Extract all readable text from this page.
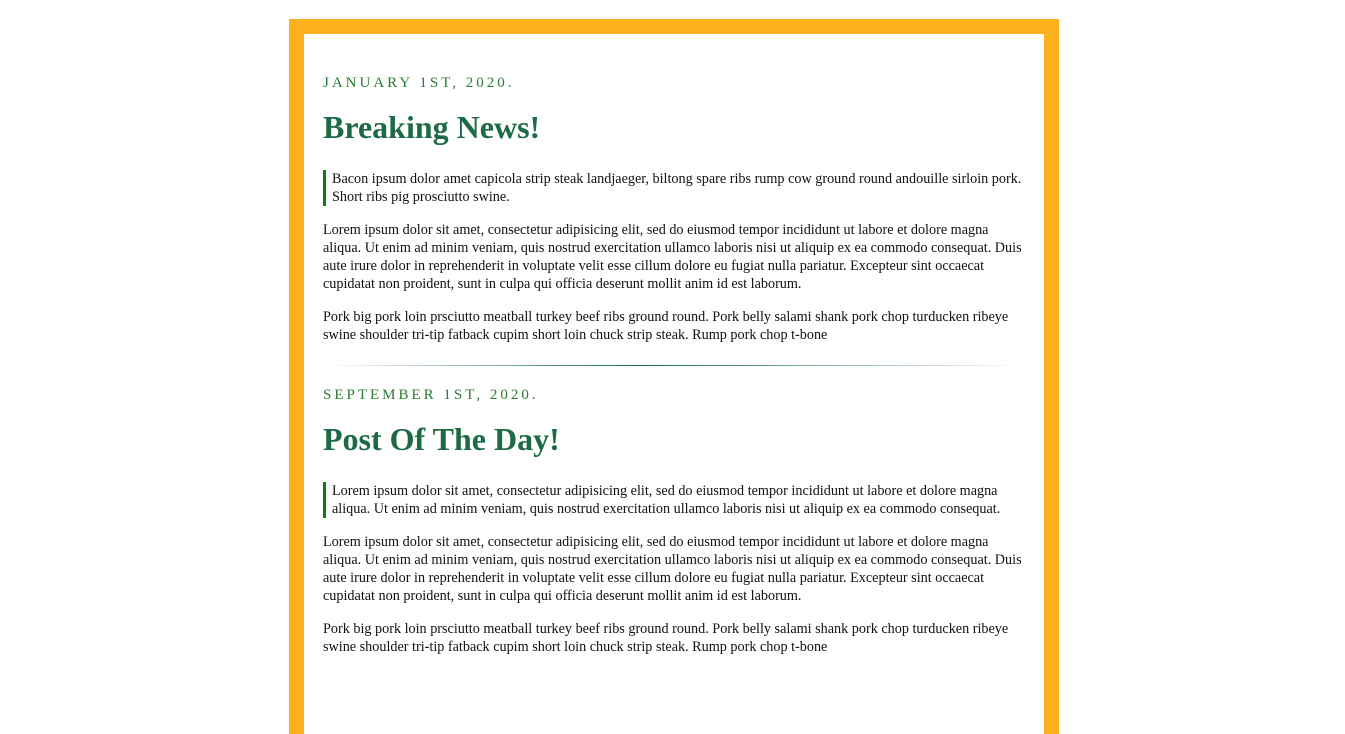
JANUARY 1ST, 2020.

Breaking News!
Bacon ipsum dolor amet capicola strip steak landjaeger, biltong spare ribs rump cow ground round andouille sirloin pork. Short ribs pig prosciutto swine.

Lorem ipsum dolor sit amet, consectetur adipisicing elit, sed do eiusmod tempor incididunt ut labore et dolore magna aliqua. Ut enim ad minim veniam, quis nostrud exercitation ullamco laboris nisi ut aliquip ex ea commodo consequat. Duis aute irure dolor in reprehenderit in voluptate velit esse cillum dolore eu fugiat nulla pariatur. Excepteur sint occaecat cupidatat non proident, sunt in culpa qui officia deserunt mollit anim id est laborum.

Pork big pork loin prsciutto meatball turkey beef ribs ground round. Pork belly salami shank pork chop turducken ribeye swine shoulder tri-tip fatback cupim short loin chuck strip steak. Rump pork chop t-bone

SEPTEMBER 1ST, 2020.

Post Of The Day!
Lorem ipsum dolor sit amet, consectetur adipisicing elit, sed do eiusmod tempor incididunt ut labore et dolore magna aliqua. Ut enim ad minim veniam, quis nostrud exercitation ullamco laboris nisi ut aliquip ex ea commodo consequat.

Lorem ipsum dolor sit amet, consectetur adipisicing elit, sed do eiusmod tempor incididunt ut labore et dolore magna aliqua. Ut enim ad minim veniam, quis nostrud exercitation ullamco laboris nisi ut aliquip ex ea commodo consequat. Duis aute irure dolor in reprehenderit in voluptate velit esse cillum dolore eu fugiat nulla pariatur. Excepteur sint occaecat cupidatat non proident, sunt in culpa qui officia deserunt mollit anim id est laborum.

Pork big pork loin prsciutto meatball turkey beef ribs ground round. Pork belly salami shank pork chop turducken ribeye swine shoulder tri-tip fatback cupim short loin chuck strip steak. Rump pork chop t-bone
